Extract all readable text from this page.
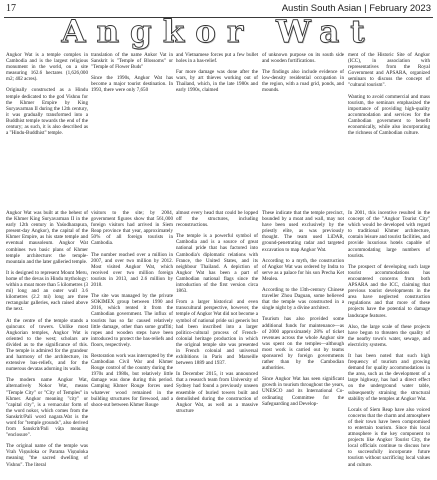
17	Austin South Asian | February 2023
Angkor Wat

Angkor Wat is a temple complex in Cambodia and is the largest religious monument in the world, on a site measuring 162.6 hectares (1,626,000 m2; 402 acres).

Originally constructed as a Hindu temple dedicated to the god Vishnu for the Khmer Empire by King Suryavarman II during the 12th century, it was gradually transformed into a Buddhist temple towards the end of the century; as such, it is also described as a "Hindu-Buddhist" temple.

Angkor Wat was built at the behest of the Khmer King Suryavarman II in the early 12th century in Yaśodharapura, present-day Angkor), the capital of the Khmer Empire, as his state temple and eventual mausoleum. Angkor Wat combines two basic plans of Khmer temple architecture: the temple-mountain and the later galleried temple.

It is designed to represent Mount Meru, home of the devas in Hindu mythology: within a moat more than 5 kilometres (3 mi) long and an outer wall 3.6 kilometres (2.2 mi) long are three rectangular galleries, each raised above the next.

At the centre of the temple stands a quincunx of towers. Unlike most Angkorian temples, Angkor Wat is oriented to the west; scholars are divided as to the significance of this. The temple is admired for the grandeur and harmony of the architecture, its extensive bas-reliefs, and for the numerous devatas adorning its walls.

The modern name Angkor Wat, alternatively Nokor Wat, means "Temple City" or "City of Temples" in Khmer. Angkor meaning "city" or "capital city", is a vernacular form of the word nokor, which comes from the Sanskrit/Pali word nagara.Wat is the word for "temple grounds", also derived from Sanskrit/Pali vāṭa meaning "enclosure".

The original name of the temple was Vrah Viṣṇuloka or Parama Viṣṇuloka meaning "the sacred dwelling of Vishnu". The literal

translation of the name Ankor Vat in Sanskrit is "Temple of Blossoms" or "Temple of Flower Buds"

Since the 1990s, Angkor Wat has become a major tourist destination. In 1993, there were only 7,650

visitors to the site; by 2004, government figures show that 561,000 foreign visitors had arrived in Siem Reap province that year, approximately 50% of all foreign tourists in Cambodia.

The number reached over a million in 2007, and over two million by 2012. Most visited Angkor Wat, which received over two million foreign tourists in 2013, and 2.6 million by 2018.

The site was managed by the private SOKIMEX group between 1990 and 2016, which rented it from the Cambodian government. The influx of tourists has so far caused relatively little damage, other than some graffiti; ropes and wooden steps have been introduced to protect the bas-reliefs and floors, respectively.

Restoration work was interrupted by the Cambodian Civil War and Khmer Rouge control of the country during the 1970s and 1980s, but relatively little damage was done during this period. Camping Khmer Rouge forces used whatever wood remained in the building structures for firewood, and a shoot-out between Khmer Rouge

and Vietnamese forces put a few bullet holes in a bas-relief.

Far more damage was done after the wars, by art thieves working out of Thailand, which, in the late 1980s and early 1990s, claimed

almost every head that could be lopped off the structures, including reconstructions.

The temple is a powerful symbol of Cambodia and is a source of great national pride that has factored into Cambodia's diplomatic relations with France, the United States, and its neighbour Thailand. A depiction of Angkor Wat has been a part of Cambodian national flags since the introduction of the first version circa 1863.

From a larger historical and even transcultural perspective, however, the temple of Angkor Wat did not become a symbol of national pride sui generis but had been inscribed into a larger politico-cultural process of French-colonial heritage production in which the original temple site was presented in French colonial and universal exhibitions in Paris and Marseille between 1889 and 1937.

In December 2015, it was announced that a research team from University of Sydney had found a previously unseen ensemble of buried towers built and demolished during the construction of Angkor Wat, as well as a massive structure

of unknown purpose on its south side and wooden fortifications.

The findings also include evidence of low-density residential occupation in the region, with a road grid, ponds, and mounds.

These indicate that the temple precinct, bounded by a moat and wall, may not have been used exclusively by the priestly elite, as was previously thought. The team used LiDAR, ground-penetrating radar and targeted excavation to map Angkor Wat.

According to a myth, the construction of Angkor Wat was ordered by Indra to serve as a palace for his son Precha Ket Mealea.

According to the 13th-century Chinese traveller Zhou Daguan, some believed that the temple was constructed in a single night by a divine architect.

Tourism has also provided some additional funds for maintenance—as of 2000 approximately 28% of ticket revenues across the whole Angkor site was spent on the temples—although most work is carried out by teams sponsored by foreign governments rather than by the Cambodian authorities.

Since Angkor Wat has seen significant growth in tourism throughout the years, UNESCO and its International Co-ordinating Committee for the Safeguarding and Develop-

ment of the Historic Site of Angkor (ICC), in association with representatives from the Royal Government and APSARA, organized seminars to discuss the concept of "cultural tourism".

Wanting to avoid commercial and mass tourism, the seminars emphasized the importance of providing high-quality accommodation and services for the Cambodian government to benefit economically, while also incorporating the richness of Cambodian culture.

In 2001, this incentive resulted in the concept of the "Angkor Tourist City" which would be developed with regard to traditional Khmer architecture, contain leisure and tourist facilities, and provide luxurious hotels capable of accommodating large numbers of tourists.

The prospect of developing such large tourist accommodations has encountered concerns from both APSARA and the ICC, claiming that previous tourist developments in the area have neglected construction regulations and that more of these projects have the potential to damage landscape features.

Also, the large scale of these projects have begun to threaten the quality of the nearby town's water, sewage, and electricity systems.

It has been noted that such high frequency of tourism and growing demand for quality accommodations in the area, such as the development of a large highway, has had a direct effect on the underground water table, subsequently straining the structural stability of the temples at Angkor Wat.

Locals of Siem Reap have also voiced concerns that the charm and atmosphere of their town have been compromised to entertain tourism. Since this local atmosphere is the key component to projects like Angkor Tourist City, the local officials continue to discuss how to successfully incorporate future tourism without sacrificing local values and culture.
